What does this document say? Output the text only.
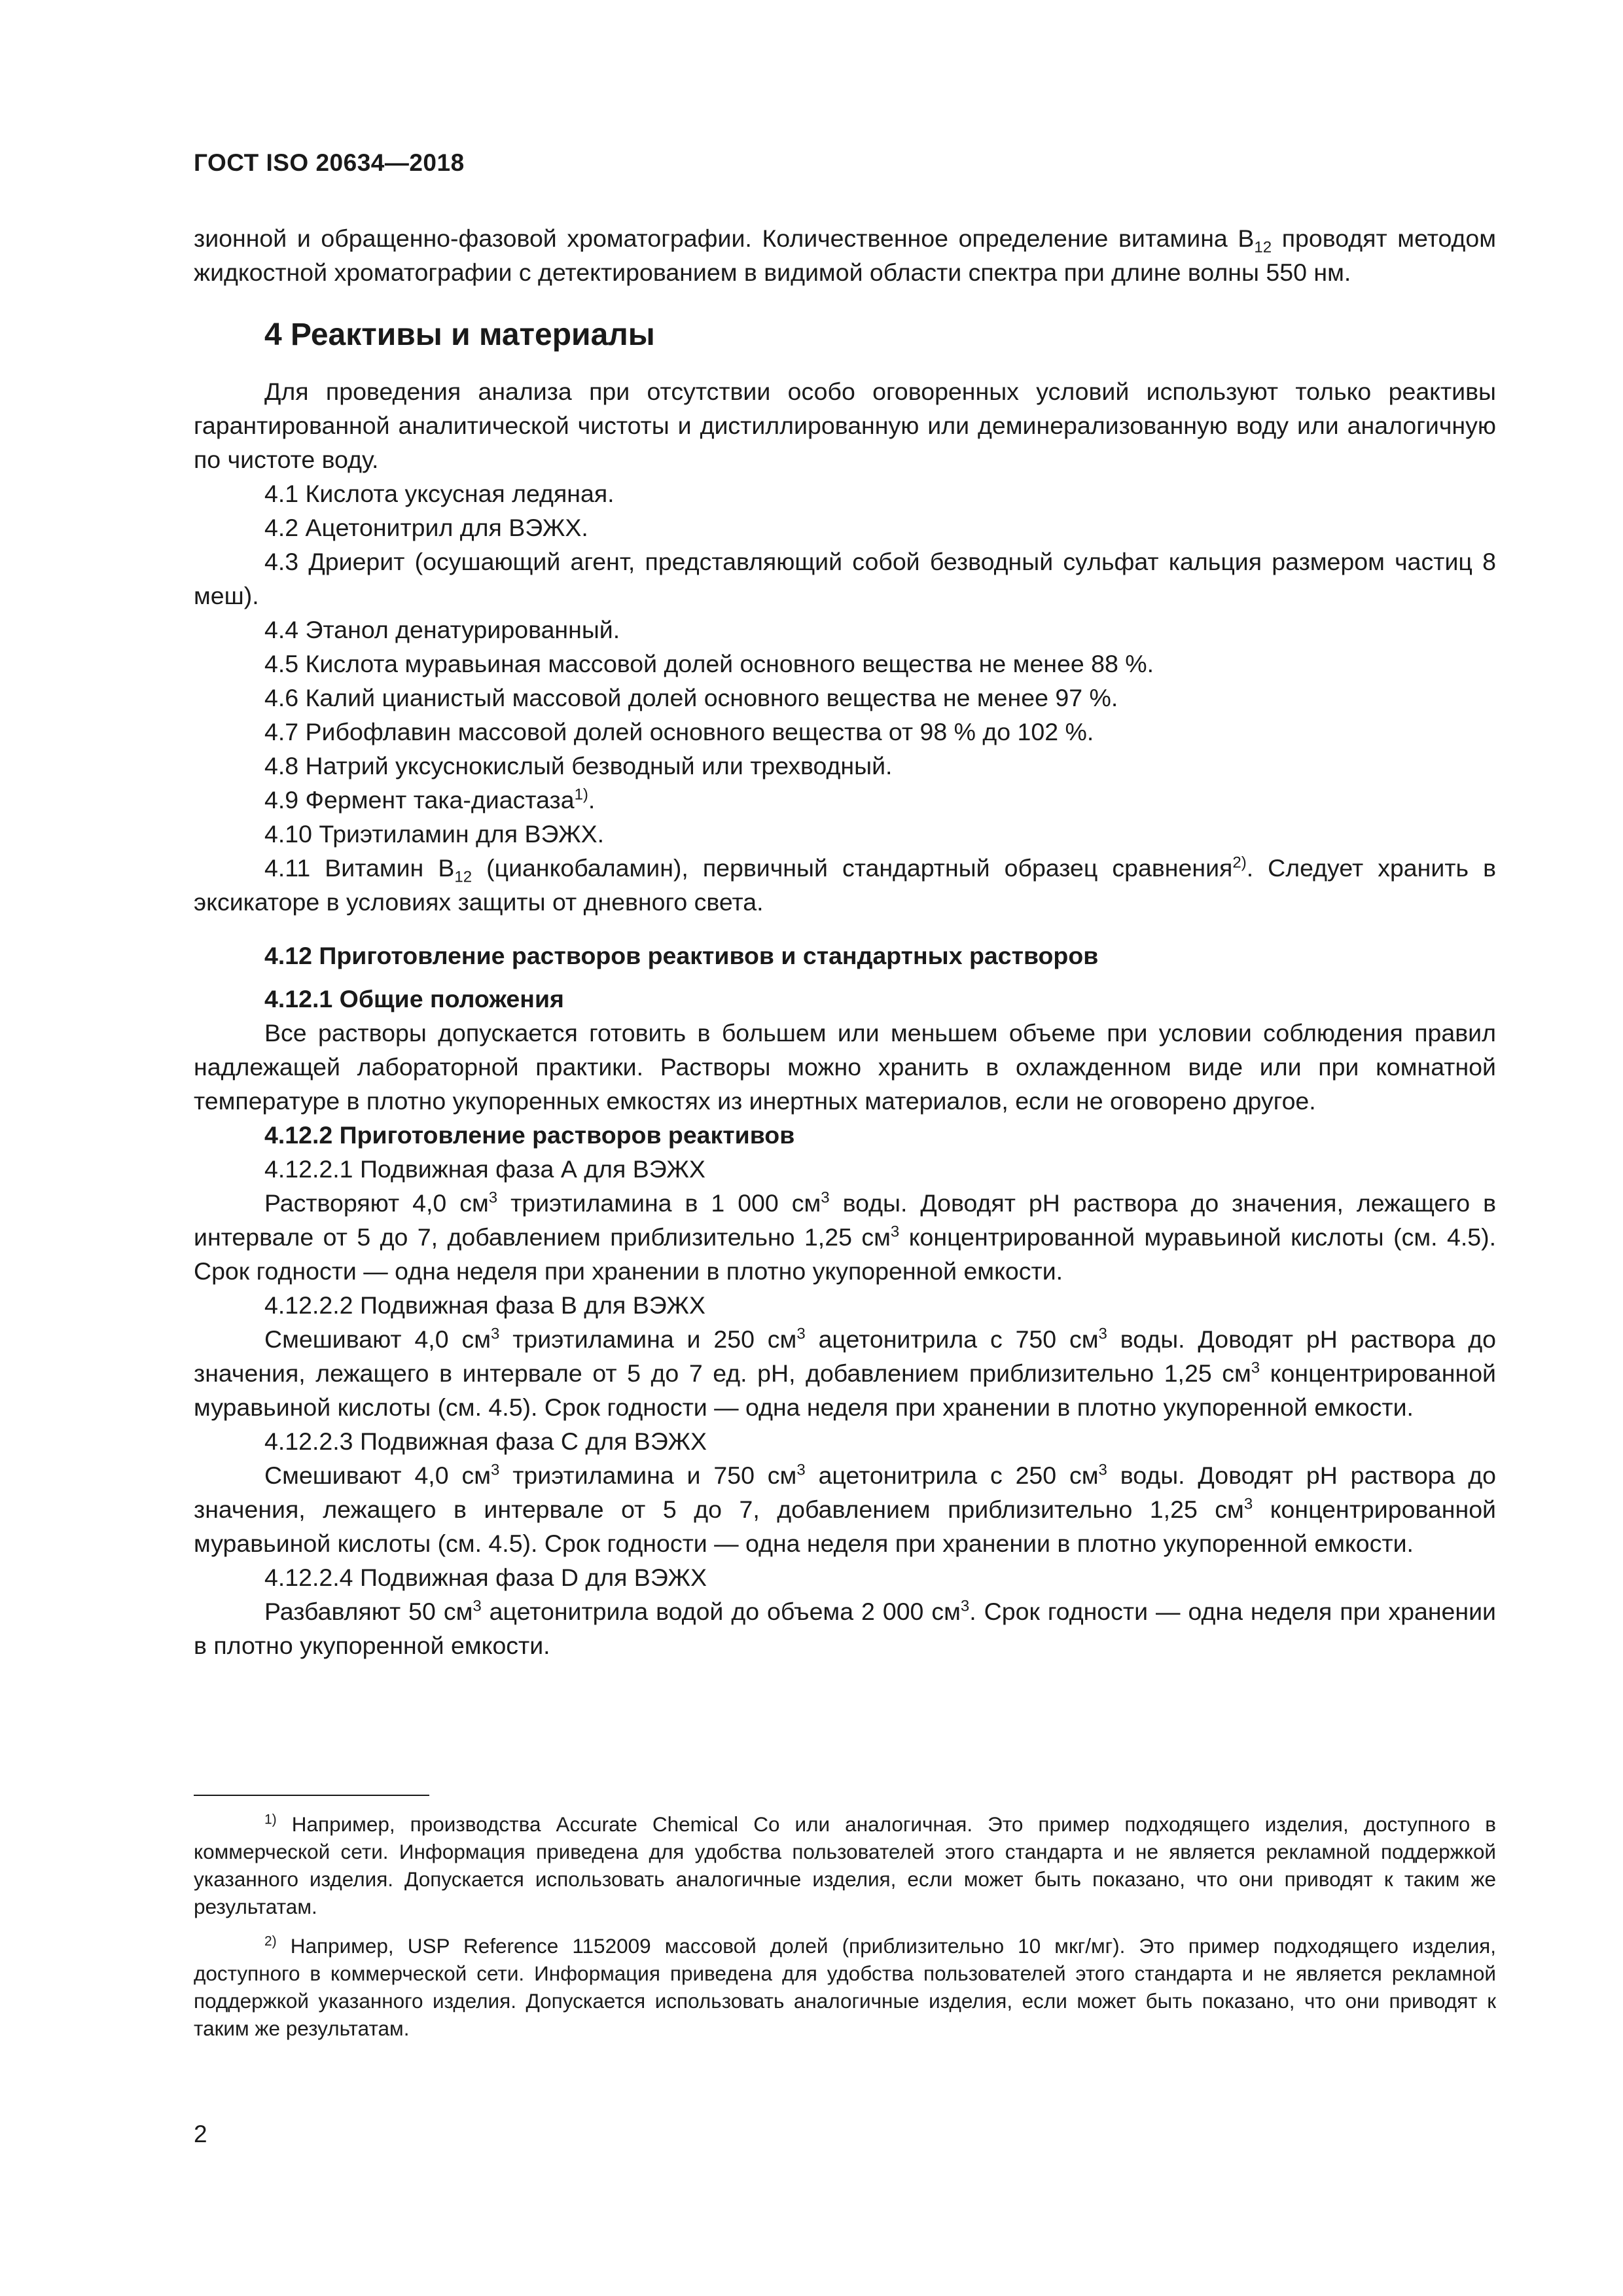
ГОСТ ISO 20634—2018

зионной и обращенно-фазовой хроматографии. Количественное определение витамина $B_{12}$ проводят методом жидкостной хроматографии с детектированием в видимой области спектра при длине волны 550 нм.

4 Реактивы и материалы

Для проведения анализа при отсутствии особо оговоренных условий используют только реактивы гарантированной аналитической чистоты и дистиллированную или деминерализованную воду или аналогичную по чистоте воду.

4.1 Кислота уксусная ледяная.

4.2 Ацетонитрил для ВЭЖХ.

4.3 Дриерит (осушающий агент, представляющий собой безводный сульфат кальция размером частиц 8 меш).

4.4 Этанол денатурированный.

4.5 Кислота муравьиная массовой долей основного вещества не менее 88 %.

4.6 Калий цианистый массовой долей основного вещества не менее 97 %.

4.7 Рибофлавин массовой долей основного вещества от 98 % до 102 %.

4.8 Натрий уксуснокислый безводный или трехводный.

4.9 Фермент така-диастаза$^{1)}$.

4.10 Триэтиламин для ВЭЖХ.

4.11 Витамин $B_{12}$ (цианкобаламин), первичный стандартный образец сравнения$^{2)}$. Следует хранить в эксикаторе в условиях защиты от дневного света.

4.12 Приготовление растворов реактивов и стандартных растворов
4.12.1 Общие положения

Все растворы допускается готовить в большем или меньшем объеме при условии соблюдения правил надлежащей лабораторной практики. Растворы можно хранить в охлажденном виде или при комнатной температуре в плотно укупоренных емкостях из инертных материалов, если не оговорено другое.

4.12.2 Приготовление растворов реактивов

4.12.2.1 Подвижная фаза А для ВЭЖХ

Растворяют 4,0 $см^3$ триэтиламина в 1 000 $см^3$ воды. Доводят pH раствора до значения, лежащего в интервале от 5 до 7, добавлением приблизительно 1,25 $см^3$ концентрированной муравьиной кислоты (см. 4.5). Срок годности — одна неделя при хранении в плотно укупоренной емкости.

4.12.2.2 Подвижная фаза В для ВЭЖХ

Смешивают 4,0 $см^3$ триэтиламина и 250 $см^3$ ацетонитрила с 750 $см^3$ воды. Доводят pH раствора до значения, лежащего в интервале от 5 до 7 ед. pH, добавлением приблизительно 1,25 $см^3$ концентрированной муравьиной кислоты (см. 4.5). Срок годности — одна неделя при хранении в плотно укупоренной емкости.

4.12.2.3 Подвижная фаза С для ВЭЖХ

Смешивают 4,0 $см^3$ триэтиламина и 750 $см^3$ ацетонитрила с 250 $см^3$ воды. Доводят pH раствора до значения, лежащего в интервале от 5 до 7, добавлением приблизительно 1,25 $см^3$ концентрированной муравьиной кислоты (см. 4.5). Срок годности — одна неделя при хранении в плотно укупоренной емкости.

4.12.2.4 Подвижная фаза D для ВЭЖХ

Разбавляют 50 $см^3$ ацетонитрила водой до объема 2 000 $см^3$. Срок годности — одна неделя при хранении в плотно укупоренной емкости.

$^{1)}$ Например, производства Accurate Chemical Co или аналогичная. Это пример подходящего изделия, доступного в коммерческой сети. Информация приведена для удобства пользователей этого стандарта и не является рекламной поддержкой указанного изделия. Допускается использовать аналогичные изделия, если может быть показано, что они приводят к таким же результатам.

$^{2)}$ Например, USP Reference 1152009 массовой долей (приблизительно 10 мкг/мг). Это пример подходящего изделия, доступного в коммерческой сети. Информация приведена для удобства пользователей этого стандарта и не является рекламной поддержкой указанного изделия. Допускается использовать аналогичные изделия, если может быть показано, что они приводят к таким же результатам.

2
